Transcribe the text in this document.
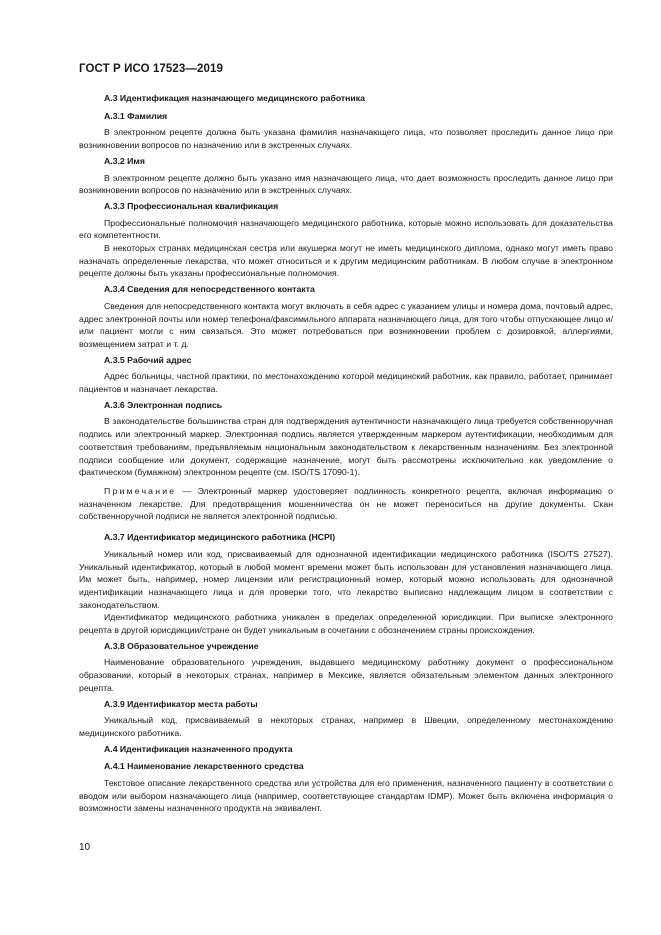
ГОСТ Р ИСО 17523—2019
А.3 Идентификация назначающего медицинского работника
А.3.1 Фамилия
В электронном рецепте должна быть указана фамилия назначающего лица, что позволяет проследить данное лицо при возникновении вопросов по назначению или в экстренных случаях.
А.3.2 Имя
В электронном рецепте должно быть указано имя назначающего лица, что дает возможность проследить данное лицо при возникновении вопросов по назначению или в экстренных случаях.
А.3.3 Профессиональная квалификация
Профессиональные полномочия назначающего медицинского работника, которые можно использовать для доказательства его компетентности.
В некоторых странах медицинская сестра или акушерка могут не иметь медицинского диплома, однако могут иметь право назначать определенные лекарства, что может относиться и к другим медицинским работникам. В любом случае в электронном рецепте должны быть указаны профессиональные полномочия.
А.3.4 Сведения для непосредственного контакта
Сведения для непосредственного контакта могут включать в себя адрес с указанием улицы и номера дома, почтовый адрес, адрес электронной почты или номер телефона/факсимильного аппарата назначающего лица, для того чтобы отпускающее лицо и/или пациент могли с ним связаться. Это может потребоваться при возникновении проблем с дозировкой, аллергиями, возмещением затрат и т. д.
А.3.5 Рабочий адрес
Адрес больницы, частной практики, по местонахождению которой медицинский работник, как правило, работает, принимает пациентов и назначает лекарства.
А.3.6 Электронная подпись
В законодательстве большинства стран для подтверждения аутентичности назначающего лица требуется собственноручная подпись или электронный маркер. Электронная подпись является утвержденным маркером аутентификации, необходимым для соответствия требованиям, предъявляемым национальным законодательством к лекарственным назначениям. Без электронной подписи сообщение или документ, содержащие назначение, могут быть рассмотрены исключительно как уведомление о фактическом (бумажном) электронном рецепте (см. ISO/TS 17090-1).
Примечание — Электронный маркер удостоверяет подлинность конкретного рецепта, включая информацию о назначенном лекарстве. Для предотвращения мошенничества он не может переноситься на другие документы. Скан собственноручной подписи не является электронной подписью.
А.3.7 Идентификатор медицинского работника (HCPI)
Уникальный номер или код, присваиваемый для однозначной идентификации медицинского работника (ISO/TS 27527). Уникальный идентификатор, который в любой момент времени может быть использован для установления назначающего лица. Им может быть, например, номер лицензии или регистрационный номер, который можно использовать для однозначной идентификации назначающего лица и для проверки того, что лекарство выписано надлежащим лицом в соответствии с законодательством.
Идентификатор медицинского работника уникален в пределах определенной юрисдикции. При выписке электронного рецепта в другой юрисдикции/стране он будет уникальным в сочетании с обозначением страны происхождения.
А.3.8 Образовательное учреждение
Наименование образовательного учреждения, выдавшего медицинскому работнику документ о профессиональном образовании, который в некоторых странах, например в Мексике, является обязательным элементом данных электронного рецепта.
А.3.9 Идентификатор места работы
Уникальный код, присваиваемый в некоторых странах, например в Швеции, определенному местонахождению медицинского работника.
А.4 Идентификация назначенного продукта
А.4.1 Наименование лекарственного средства
Текстовое описание лекарственного средства или устройства для его применения, назначенного пациенту в соответствии с вводом или выбором назначающего лица (например, соответствующее стандартам IDMP). Может быть включена информация о возможности замены назначенного продукта на эквивалент.
10
